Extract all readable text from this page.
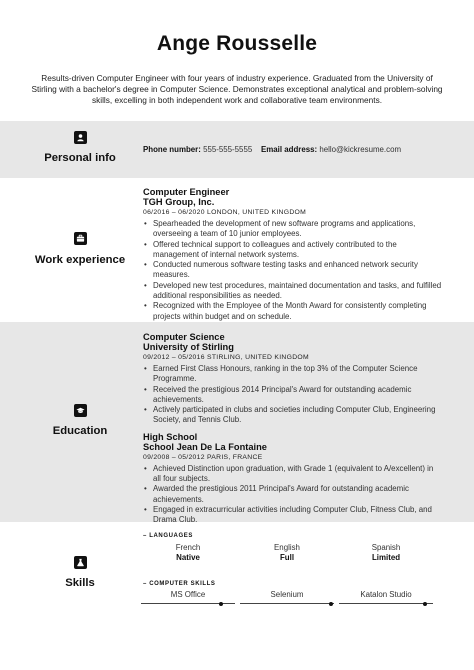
Ange Rousselle
Results-driven Computer Engineer with four years of industry experience. Graduated from the University of Stirling with a bachelor's degree in Computer Science. Demonstrates exceptional analytical and problem-solving skills, excelling in both independent work and collaborative team environments.
Personal info
Phone number: 555-555-5555 Email address: hello@kickresume.com
Work experience
Computer Engineer
TGH Group, Inc.
06/2016 – 06/2020 LONDON, UNITED KINGDOM
• Spearheaded the development of new software programs and applications, overseeing a team of 10 junior employees.
• Offered technical support to colleagues and actively contributed to the management of internal network systems.
• Conducted numerous software testing tasks and enhanced network security measures.
• Developed new test procedures, maintained documentation and tasks, and fulfilled additional responsibilities as needed.
• Recognized with the Employee of the Month Award for consistently completing projects within budget and on schedule.
Education
Computer Science
University of Stirling
09/2012 – 05/2016 STIRLING, UNITED KINGDOM
• Earned First Class Honours, ranking in the top 3% of the Computer Science Programme.
• Received the prestigious 2014 Principal's Award for outstanding academic achievements.
• Actively participated in clubs and societies including Computer Club, Engineering Society, and Tennis Club.
High School
School Jean De La Fontaine
09/2008 – 05/2012 PARIS, FRANCE
• Achieved Distinction upon graduation, with Grade 1 (equivalent to A/excellent) in all four subjects.
• Awarded the prestigious 2011 Principal's Award for outstanding academic achievements.
• Engaged in extracurricular activities including Computer Club, Fitness Club, and Drama Club.
Skills
– LANGUAGES
French
Native
English
Full
Spanish
Limited
– COMPUTER SKILLS
MS Office	Selenium	Katalon Studio
